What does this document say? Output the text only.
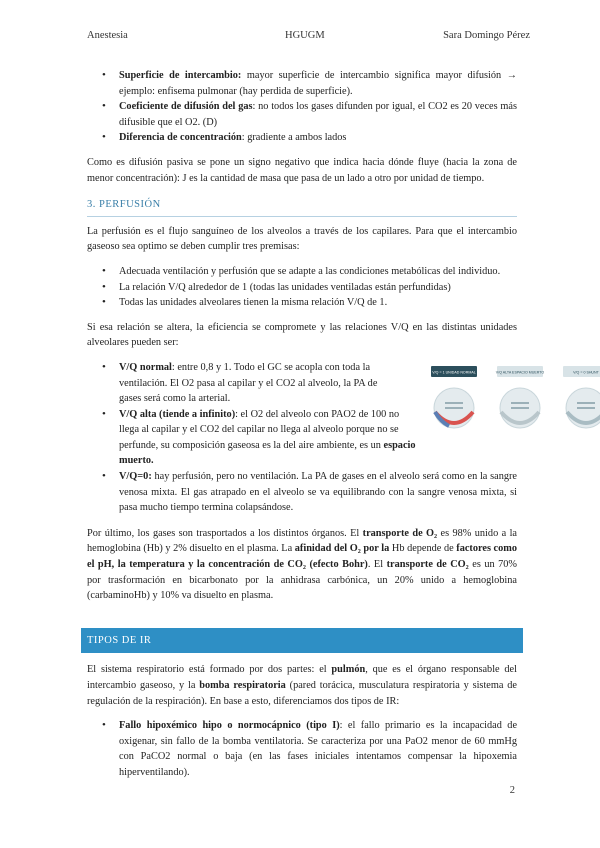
Anestesia	HGUGM	Sara Domingo Pérez
• Superficie de intercambio: mayor superficie de intercambio significa mayor difusión → ejemplo: enfisema pulmonar (hay perdida de superficie).
• Coeficiente de difusión del gas: no todos los gases difunden por igual, el CO2 es 20 veces más difusible que el O2. (D)
• Diferencia de concentración: gradiente a ambos lados

Como es difusión pasiva se pone un signo negativo que indica hacia dónde fluye (hacia la zona de menor concentración): J es la cantidad de masa que pasa de un lado a otro por unidad de tiempo.

3. PERFUSIÓN

La perfusión es el flujo sanguíneo de los alveolos a través de los capilares. Para que el intercambio gaseoso sea optimo se deben cumplir tres premisas:

• Adecuada ventilación y perfusión que se adapte a las condiciones metabólicas del individuo.
• La relación V/Q alrededor de 1 (todas las unidades ventiladas están perfundidas)
• Todas las unidades alveolares tienen la misma relación V/Q de 1.

Si esa relación se altera, la eficiencia se compromete y las relaciones V/Q en las distintas unidades alveolares pueden ser:

• V/Q normal: entre 0,8 y 1. Todo el GC se acopla con toda la ventilación. El O2 pasa al capilar y el CO2 al alveolo, la PA de gases será como la arterial.
• V/Q alta (tiende a infinito): el O2 del alveolo con PAO2 de 100 no llega al capilar y el CO2 del capilar no llega al alveolo porque no se perfunde, su composición gaseosa es la del aire ambiente, es un espacio muerto.
• V/Q=0: hay perfusión, pero no ventilación. La PA de gases en el alveolo será como en la sangre venosa mixta. El gas atrapado en el alveolo se va equilibrando con la sangre venosa mixta, si pasa mucho tiempo termina colapsándose.
V/Q = 1 UNIDAD NORMAL	V/Q ALTA ESPACIO MUERTO	V/Q = 0 SHUNT

Por último, los gases son trasportados a los distintos órganos. El transporte de O₂ es 98% unido a la hemoglobina (Hb) y 2% disuelto en el plasma. La afinidad del O₂ por la Hb depende de factores como el pH, la temperatura y la concentración de CO₂ (efecto Bohr). El transporte de CO₂ es un 70% por trasformación en bicarbonato por la anhidrasa carbónica, un 20% unido a hemoglobina (carbaminoHb) y 10% va disuelto en plasma.

TIPOS DE IR

El sistema respiratorio está formado por dos partes: el pulmón, que es el órgano responsable del intercambio gaseoso, y la bomba respiratoria (pared torácica, musculatura respiratoria y sistema de regulación de la respiración). En base a esto, diferenciamos dos tipos de IR:

• Fallo hipoxémico hipo o normocápnico (tipo I): el fallo primario es la incapacidad de oxigenar, sin fallo de la bomba ventilatoria. Se caracteriza por una PaO2 menor de 60 mmHg con PaCO2 normal o baja (en las fases iniciales intentamos compensar la hipoxemia hiperventilando).
2
